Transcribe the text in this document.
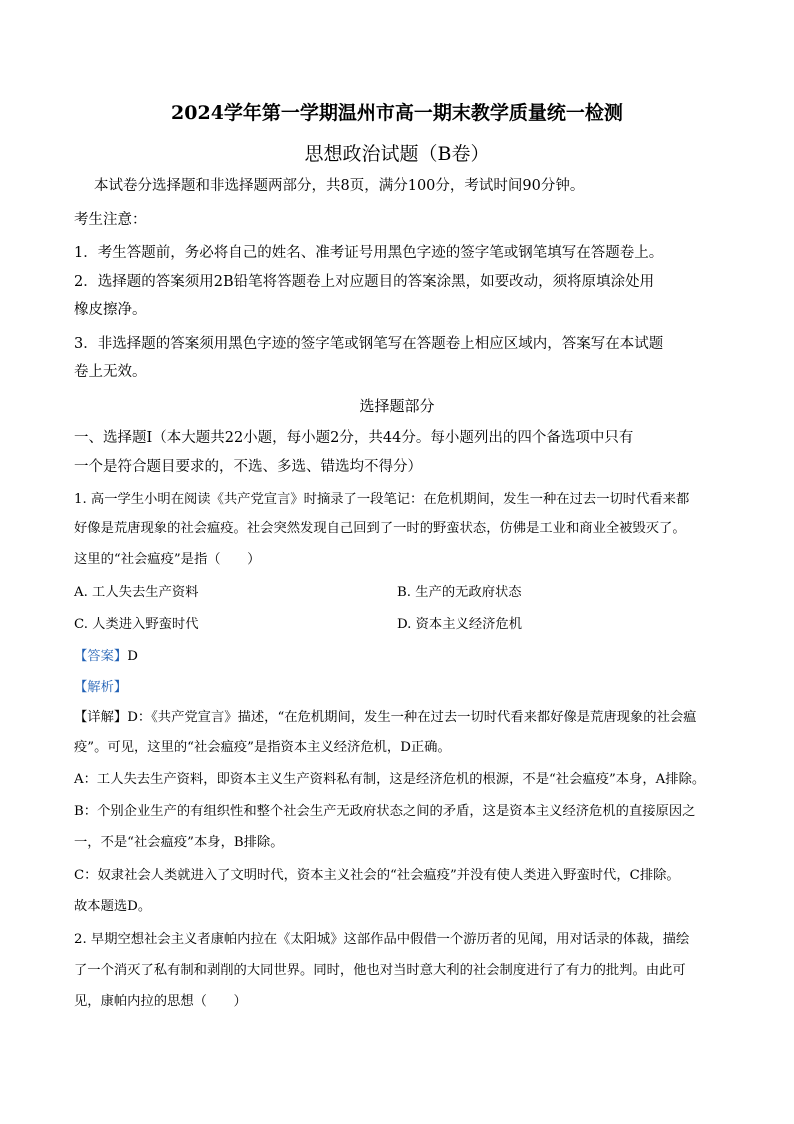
2024学年第一学期温州市高一期末教学质量统一检测
思想政治试题（B卷）
本试卷分选择题和非选择题两部分，共8页，满分100分，考试时间90分钟。
考生注意：
1．考生答题前，务必将自己的姓名、准考证号用黑色字迹的签字笔或钢笔填写在答题卷上。
2．选择题的答案须用2B铅笔将答题卷上对应题目的答案涂黑，如要改动，须将原填涂处用
橡皮擦净。
3．非选择题的答案须用黑色字迹的签字笔或钢笔写在答题卷上相应区域内，答案写在本试题
卷上无效。
选择题部分
一、选择题Ⅰ（本大题共22小题，每小题2分，共44分。每小题列出的四个备选项中只有
一个是符合题目要求的，不选、多选、错选均不得分）
1. 高一学生小明在阅读《共产党宣言》时摘录了一段笔记：在危机期间，发生一种在过去一切时代看来都
好像是荒唐现象的社会瘟疫。社会突然发现自己回到了一时的野蛮状态，仿佛是工业和商业全被毁灭了。
这里的“社会瘟疫”是指（　　）
A. 工人失去生产资料	B. 生产的无政府状态
C. 人类进入野蛮时代	D. 资本主义经济危机
【答案】D
【解析】
【详解】D：《共产党宣言》描述，“在危机期间，发生一种在过去一切时代看来都好像是荒唐现象的社会瘟
疫”。可见，这里的“社会瘟疫”是指资本主义经济危机，D正确。
A：工人失去生产资料，即资本主义生产资料私有制，这是经济危机的根源，不是“社会瘟疫”本身，A排除。
B：个别企业生产的有组织性和整个社会生产无政府状态之间的矛盾，这是资本主义经济危机的直接原因之
一，不是“社会瘟疫”本身，B排除。
C：奴隶社会人类就进入了文明时代，资本主义社会的“社会瘟疫”并没有使人类进入野蛮时代，C排除。
故本题选D。
2. 早期空想社会主义者康帕内拉在《太阳城》这部作品中假借一个游历者的见闻，用对话录的体裁，描绘
了一个消灭了私有制和剥削的大同世界。同时，他也对当时意大利的社会制度进行了有力的批判。由此可
见，康帕内拉的思想（　　）
